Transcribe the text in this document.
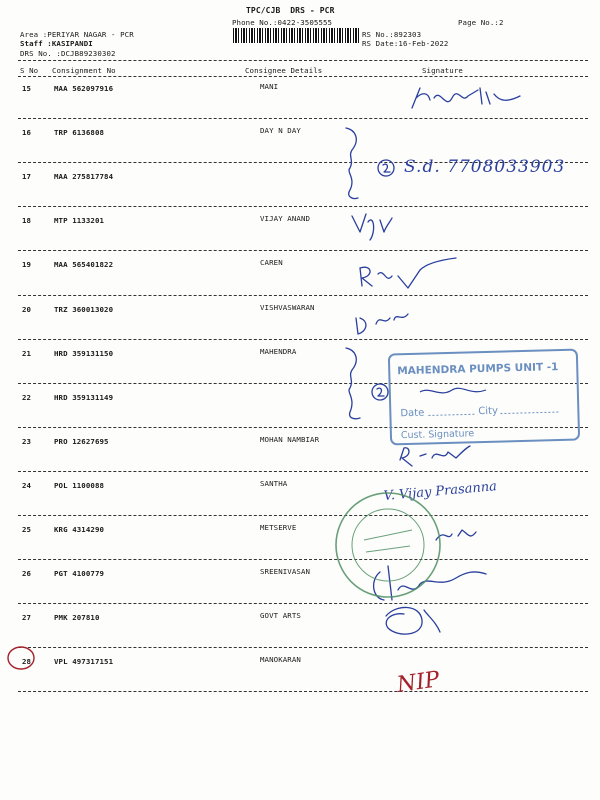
TPC/CJB  DRS - PCR
Phone No.:0422-3505555	Page No.:2
Area :PERIYAR NAGAR - PCR
Staff :KASIPANDI
DRS No. :DCJB89230302
RS No.:892303
RS Date:16-Feb-2022
S No Consignment No	Consignee Details	Signature
15	MAA 562097916	MANI
16	TRP 6136808	DAY N DAY
17	MAA 275817784
18	MTP 1133201	VIJAY ANAND
19	MAA 565401822	CAREN
20	TRZ 360013020	VISHVASWARAN
21	HRD 359131150	MAHENDRA
22	HRD 359131149
23	PRO 12627695	MOHAN NAMBIAR
24	POL 1100088	SANTHA
25	KRG 4314290	METSERVE
26	PGT 4100779	SREENIVASAN
27	PMK 207810	GOVT ARTS
28	VPL 497317151	MANOKARAN
S.d. 7708033903
V. Vijay Prasanna
MAHENDRA PUMPS UNIT -1
Date	City
Cust. Signature
NIP
